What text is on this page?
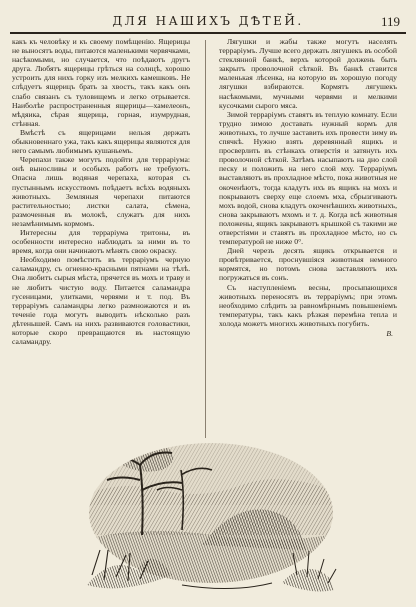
ДЛЯ НАШИХЪ ДѢТЕЙ.	119

какъ къ человѣку и къ своему помѣщенію. Ящерицы не выносятъ воды, питаются маленькими червячками, насѣкомыми, но случается, что поѣдаютъ другъ друга. Любятъ ящерицы грѣться на солнцѣ, хорошо устроить для нихъ горку изъ мелкихъ камешковъ. Не слѣдуетъ ящерицъ брать за хвостъ, такъ какъ онъ слабо связанъ съ туловищемъ и легко отрывается. Наиболѣе распространенныя ящерицы—хамелеонъ, мѣдяика, сѣрая ящерица, горная, изумрудная, стѣнная.

Вмѣстѣ съ ящерицами нельзя держать обыкновеннаго ужа, такъ какъ ящерицы являются для него самымъ любимымъ кушаньемъ.

Черепахи также могутъ подойти для террарiума: онѣ выносливы и особыхъ работъ не требуютъ. Опасна лишь водяная черепаха, которая съ пустыннымъ искусствомъ поѣдаетъ всѣхъ водяныхъ животныхъ. Земляныя черепахи питаются растительностью; листки салата, сѣмена, размоченныя въ молокѣ, служатъ для нихъ незамѣнимымъ кормомъ.

Интересны для террарiума тритоны, въ особенности интересно наблюдать за ними въ то время, когда они начинаютъ мѣнять свою окраску.

Необходимо помѣстить въ террарiумъ черную саламандру, съ огненно-красными пятнами на тѣлѣ. Она любитъ сырыя мѣста, прячется въ мохъ и траву и не любитъ чистую воду. Питается саламандра гусеницами, улитками, червями и т. под. Въ террарiумъ саламандры легко размножаются и въ теченіе года могутъ выводить нѣсколько разъ дѣтенышей. Самъ на нихъ развиваются головастики, которые скоро превращаются въ настоящую саламандру.

Лягушки и жабы также могутъ населять террарiумъ. Лучше всего держать лягушекъ въ особой стеклянной банкѣ, верхъ которой должень быть закрытъ проволочной сѣткой. Въ банкѣ ставится маленькая лѣсенка, на которую въ хорошую погоду лягушки взбираются. Кормятъ лягушекъ насѣкомыми, мучными червями и мелкими кусочками сырого мяса.

Зимой террарiумъ ставятъ въ теплую комнату. Если трудно зимою доставать нужный кормъ для животныхъ, то лучше заставить ихъ провести зиму въ спячкѣ. Нужно взять деревянный ящикъ и просверлить въ стѣнкахъ отверстія и затянуть ихъ проволочной сѣткой. Затѣмъ насыпаютъ на дно слой песку и положить на него слой мху. Террарiумъ выставляютъ въ прохладное мѣсто, пока животныя не окоченѣютъ, тогда кладутъ ихъ въ ящикъ на мохъ и покрываютъ сверху еще слоемъ мха, сбрызгиваютъ мохъ водой, снова кладутъ окоченѣвшихъ животныхъ, снова закрываютъ мхомъ и т. д. Когда всѣ животныя положены, ящикъ закрываютъ крышкой съ такими же отверстіями и ставятъ въ прохладное мѣсто, но съ температурой не ниже 0°.

Дней черезъ десять ящикъ открывается и провѣтривается, проснувшіяся животныя немного кормятся, но потомъ снова заставляютъ ихъ погружаться въ сонъ.

Съ наступленіемъ весны, просыпающихся животныхъ переносятъ въ террарiумъ; при этомъ необходимо слѣдить за равномѣрнымъ повышеніемъ температуры, такъ какъ рѣзкая перемѣна тепла и холода можетъ многихъ животныхъ погубить.

В.
